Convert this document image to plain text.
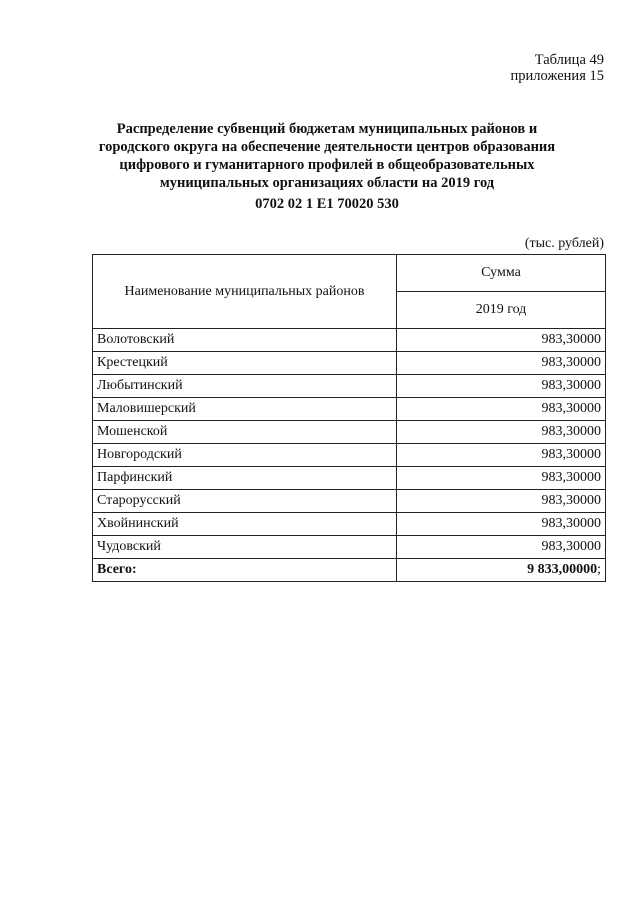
Таблица 49
приложения 15
Распределение субвенций бюджетам муниципальных районов и
городского округа на обеспечение деятельности центров образования
цифрового и гуманитарного профилей в общеобразовательных
муниципальных организациях области на 2019 год
0702 02 1 E1 70020 530
(тыс. рублей)
Наименование муниципальных районов	Сумма
	2019 год
Волотовский	983,30000
Крестецкий	983,30000
Любытинский	983,30000
Маловишерский	983,30000
Мошенской	983,30000
Новгородский	983,30000
Парфинский	983,30000
Старорусский	983,30000
Хвойнинский	983,30000
Чудовский	983,30000
Всего:	9 833,00000;
